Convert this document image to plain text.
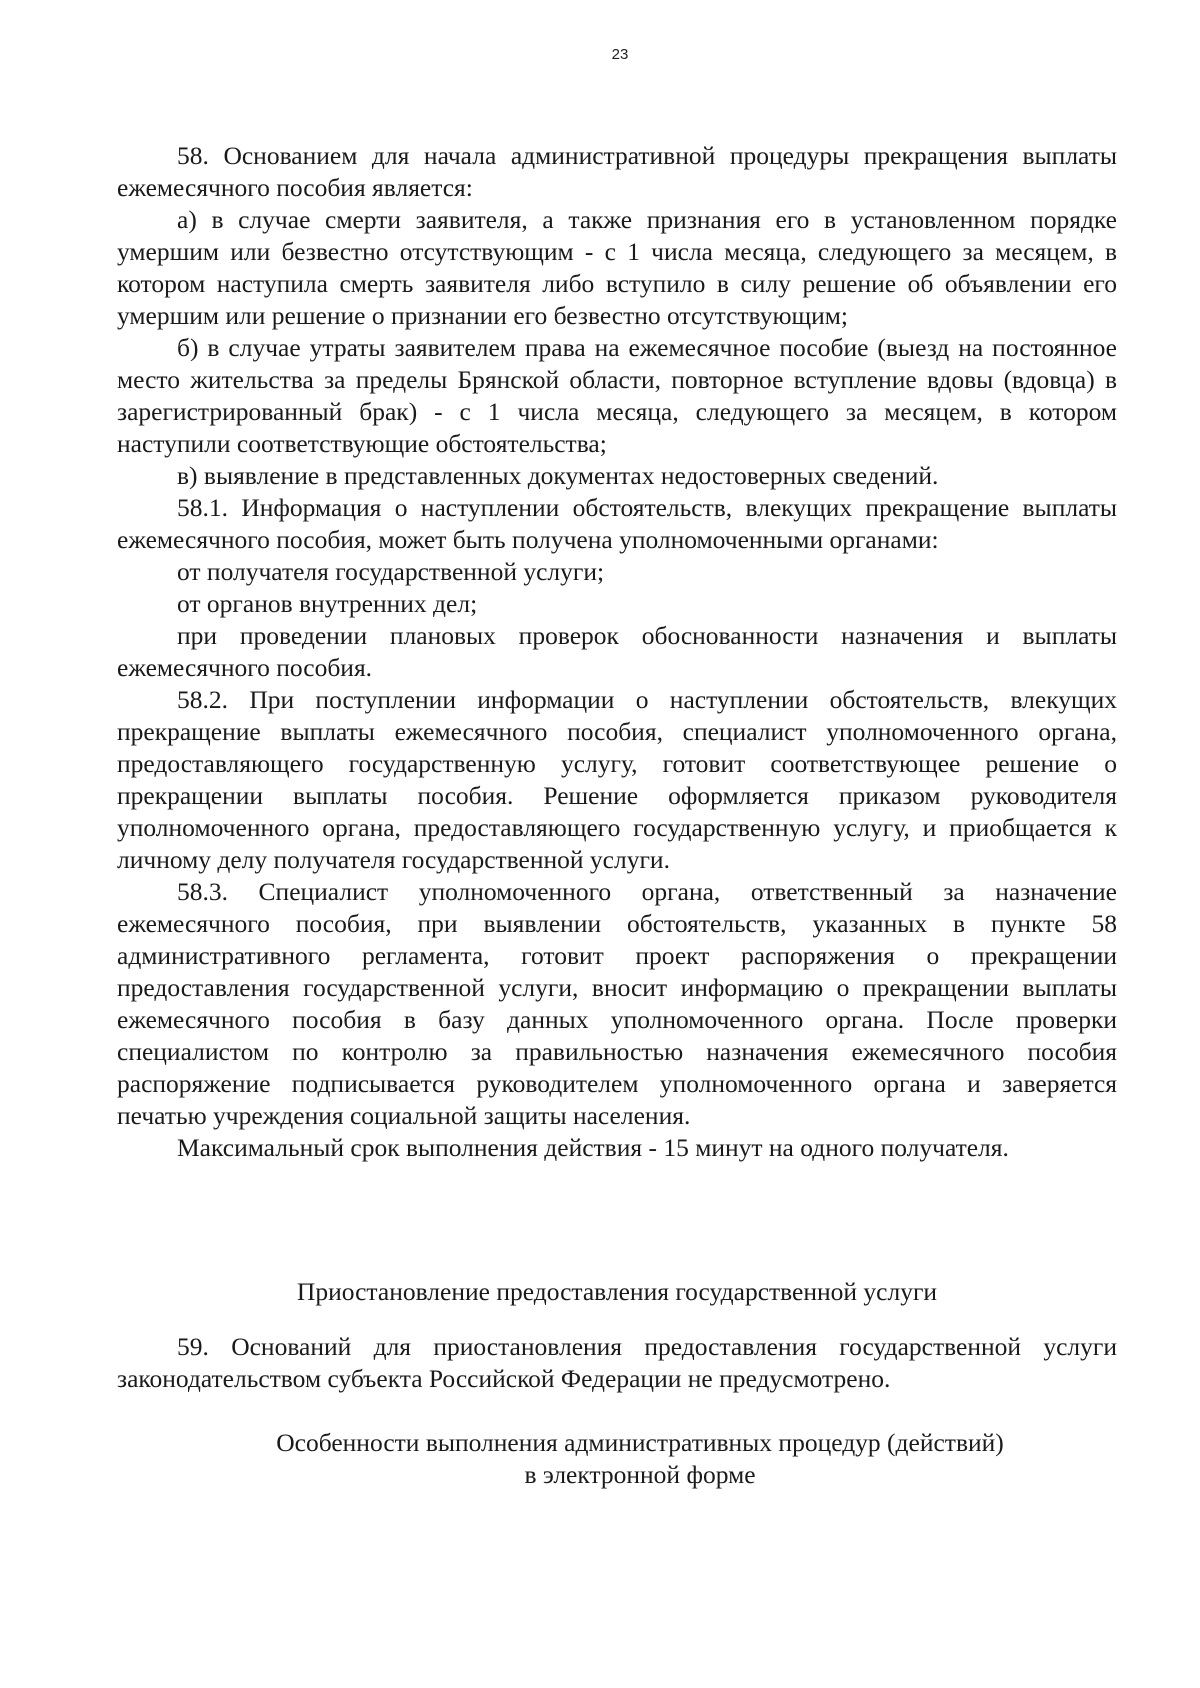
23

58. Основанием для начала административной процедуры прекращения выплаты ежемесячного пособия является:

а) в случае смерти заявителя, а также признания его в установленном порядке умершим или безвестно отсутствующим - с 1 числа месяца, следующего за месяцем, в котором наступила смерть заявителя либо вступило в силу решение об объявлении его умершим или решение о признании его безвестно отсутствующим;

б) в случае утраты заявителем права на ежемесячное пособие (выезд на постоянное место жительства за пределы Брянской области, повторное вступление вдовы (вдовца) в зарегистрированный брак) - с 1 числа месяца, следующего за месяцем, в котором наступили соответствующие обстоятельства;

в) выявление в представленных документах недостоверных сведений.

58.1. Информация о наступлении обстоятельств, влекущих прекращение выплаты ежемесячного пособия, может быть получена уполномоченными органами:

от получателя государственной услуги;

от органов внутренних дел;

при проведении плановых проверок обоснованности назначения и выплаты ежемесячного пособия.

58.2. При поступлении информации о наступлении обстоятельств, влекущих прекращение выплаты ежемесячного пособия, специалист уполномоченного органа, предоставляющего государственную услугу, готовит соответствующее решение о прекращении выплаты пособия. Решение оформляется приказом руководителя уполномоченного органа, предоставляющего государственную услугу, и приобщается к личному делу получателя государственной услуги.

58.3. Специалист уполномоченного органа, ответственный за назначение ежемесячного пособия, при выявлении обстоятельств, указанных в пункте 58 административного регламента, готовит проект распоряжения о прекращении предоставления государственной услуги, вносит информацию о прекращении выплаты ежемесячного пособия в базу данных уполномоченного органа. После проверки специалистом по контролю за правильностью назначения ежемесячного пособия распоряжение подписывается руководителем уполномоченного органа и заверяется печатью учреждения социальной защиты населения.

Максимальный срок выполнения действия - 15 минут на одного получателя.

Приостановление предоставления государственной услуги

59. Оснований для приостановления предоставления государственной услуги законодательством субъекта Российской Федерации не предусмотрено.

Особенности выполнения административных процедур (действий)
в электронной форме
